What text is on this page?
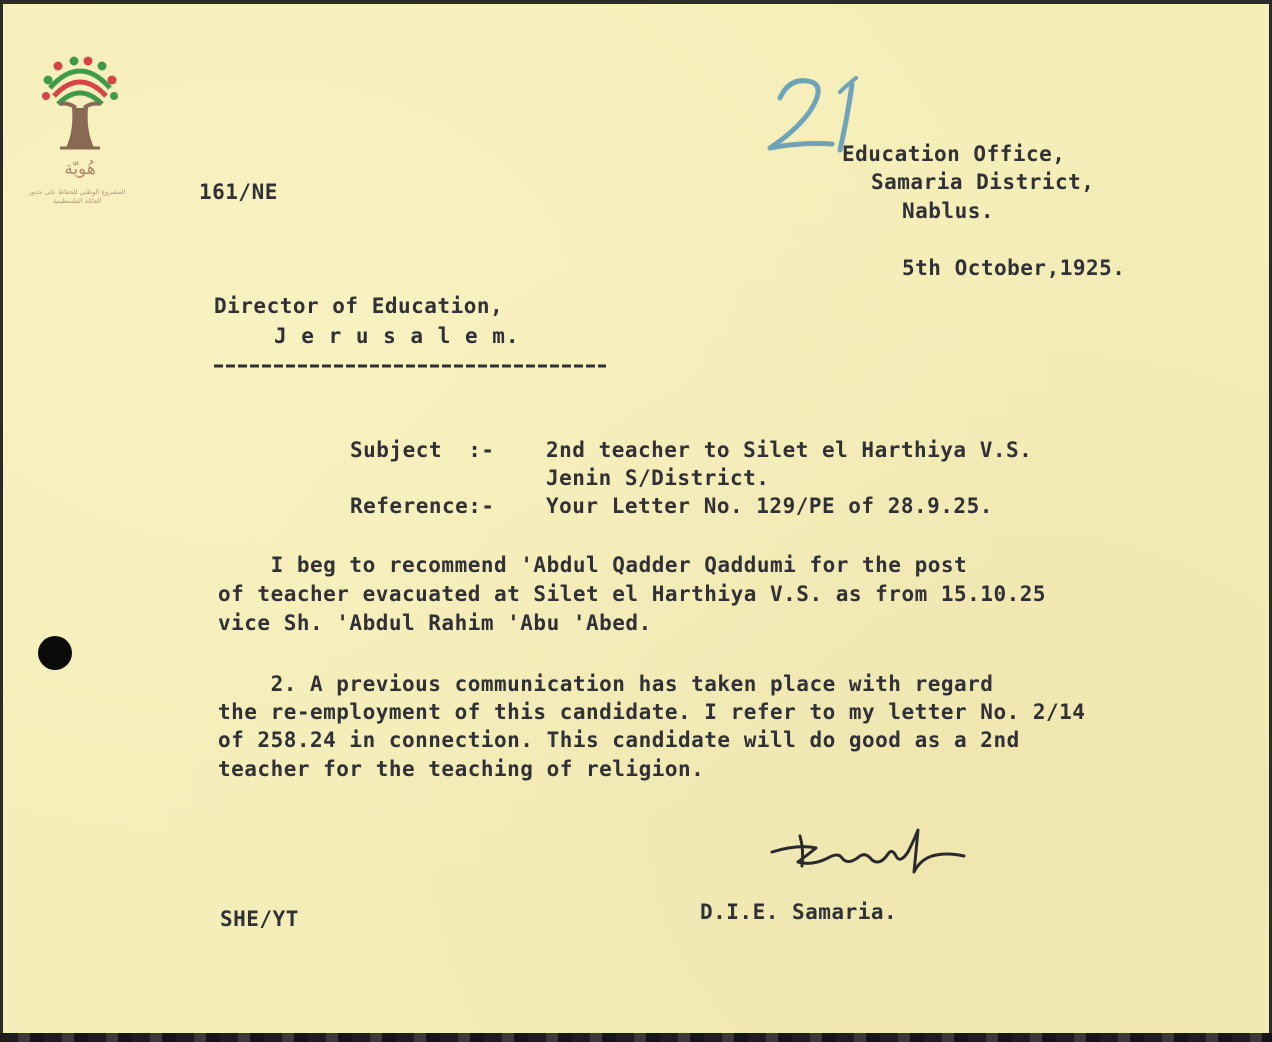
هُويّة
المشروع الوطني للحفاظ على جذور العائلة الفلسطينية	161/NE
Education Office,
Samaria District,
Nablus.
5th October,1925.
Director of Education,
J e r u s a l e m.
Subject  :- 2nd teacher to Silet el Harthiya V.S.
Jenin S/District.
Reference:- Your Letter No. 129/PE of 28.9.25.
I beg to recommend 'Abdul Qadder Qaddumi for the post
of teacher evacuated at Silet el Harthiya V.S. as from 15.10.25
vice Sh. 'Abdul Rahim 'Abu 'Abed.
2. A previous communication has taken place with regard
the re-employment of this candidate. I refer to my letter No. 2/14
of 258.24 in connection. This candidate will do good as a 2nd
teacher for the teaching of religion.
D.I.E. Samaria.
SHE/YT
